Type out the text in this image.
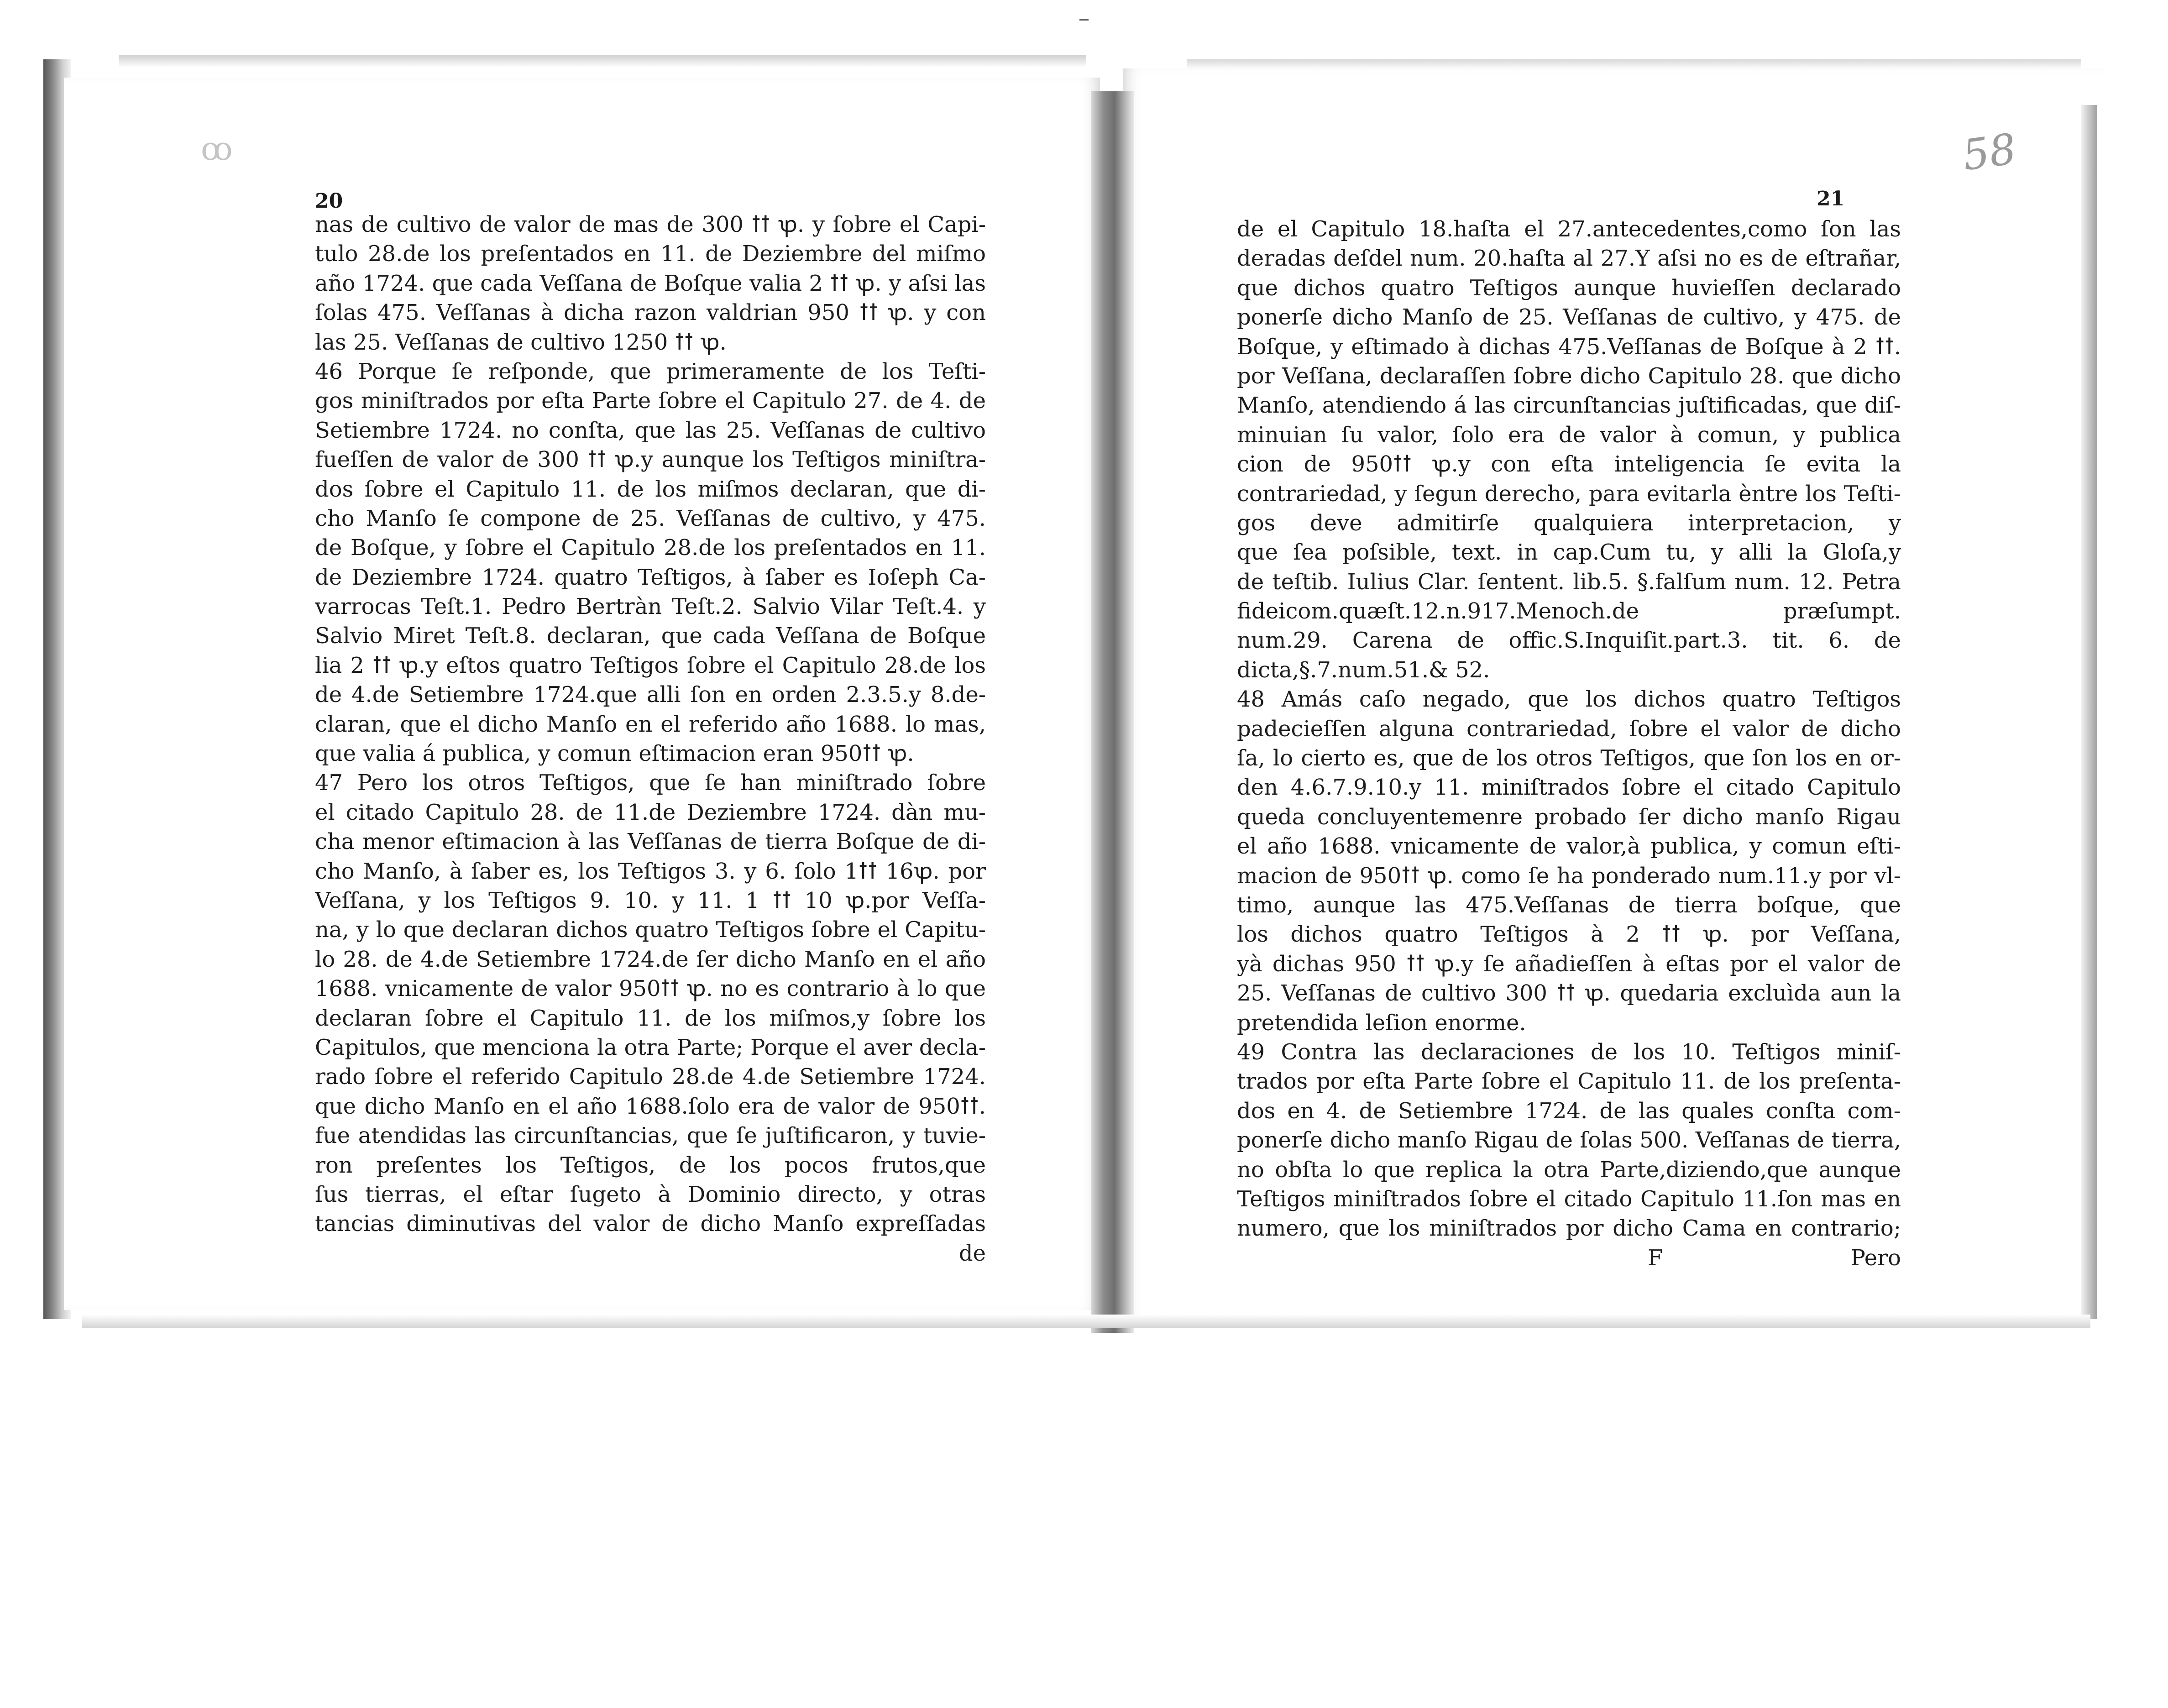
ꝏ	58
20	21
nas de cultivo de valor de mas de 300 ꝉꝉ ꝕ. y ſobre el Capi-
tulo 28.de los preſentados en 11. de Deziembre del miſmo
año 1724. que cada Veſſana de Boſque valia 2 ꝉꝉ ꝕ. y aſsi las
ſolas 475. Veſſanas à dicha razon valdrian 950 ꝉꝉ ꝕ. y con
las 25. Veſſanas de cultivo 1250 ꝉꝉ ꝕ.
46 Porque ſe reſponde, que primeramente de los Teſti-
gos miniſtrados por eſta Parte ſobre el Capitulo 27. de 4. de
Setiembre 1724. no conſta, que las 25. Veſſanas de cultivo
fueſſen de valor de 300 ꝉꝉ ꝕ.y aunque los Teſtigos miniſtra-
dos ſobre el Capitulo 11. de los miſmos declaran, que di-
cho Manſo ſe compone de 25. Veſſanas de cultivo, y 475.
de Boſque, y ſobre el Capitulo 28.de los preſentados en 11.
de Deziembre 1724. quatro Teſtigos, à ſaber es Ioſeph Ca-
varrocas Teſt.1. Pedro Bertràn Teſt.2. Salvio Vilar Teſt.4. y
Salvio Miret Teſt.8. declaran, que cada Veſſana de Boſque
lia 2 ꝉꝉ ꝕ.y eſtos quatro Teſtigos ſobre el Capitulo 28.de los
de 4.de Setiembre 1724.que alli ſon en orden 2.3.5.y 8.de-
claran, que el dicho Manſo en el referido año 1688. lo mas,
que valia á publica, y comun eſtimacion eran 950ꝉꝉ ꝕ.
47 Pero los otros Teſtigos, que ſe han miniſtrado ſobre
el citado Capitulo 28. de 11.de Deziembre 1724. dàn mu-
cha menor eſtimacion à las Veſſanas de tierra Boſque de di-
cho Manſo, à ſaber es, los Teſtigos 3. y 6. ſolo 1ꝉꝉ 16ꝕ. por
Veſſana, y los Teſtigos 9. 10. y 11. 1 ꝉꝉ 10 ꝕ.por Veſſa-
na, y lo que declaran dichos quatro Teſtigos ſobre el Capitu-
lo 28. de 4.de Setiembre 1724.de ſer dicho Manſo en el año
1688. vnicamente de valor 950ꝉꝉ ꝕ. no es contrario à lo que
declaran ſobre el Capitulo 11. de los miſmos,y ſobre los
Capitulos, que menciona la otra Parte; Porque el aver decla-
rado ſobre el referido Capitulo 28.de 4.de Setiembre 1724.
que dicho Manſo en el año 1688.ſolo era de valor de 950ꝉꝉ.
fue atendidas las circunſtancias, que ſe juſtificaron, y tuvie-
ron preſentes los Teſtigos, de los pocos frutos,que
ſus tierras, el eſtar ſugeto à Dominio directo, y otras
tancias diminutivas del valor de dicho Manſo expreſſadas
de
de el Capitulo 18.haſta el 27.antecedentes,como ſon las
deradas deſdel num. 20.haſta al 27.Y aſsi no es de eſtrañar,
que dichos quatro Teſtigos aunque huvieſſen declarado
ponerſe dicho Manſo de 25. Veſſanas de cultivo, y 475. de
Boſque, y eſtimado à dichas 475.Veſſanas de Boſque à 2 ꝉꝉ.
por Veſſana, declaraſſen ſobre dicho Capitulo 28. que dicho
Manſo, atendiendo á las circunſtancias juſtificadas, que diſ-
minuian ſu valor, ſolo era de valor à comun, y publica
cion de 950ꝉꝉ ꝕ.y con eſta inteligencia ſe evita la
contrariedad, y ſegun derecho, para evitarla èntre los Teſti-
gos deve admitirſe qualquiera interpretacion, y
que ſea poſsible, text. in cap.Cum tu, y alli la Gloſa,y
de teſtib. Iulius Clar. ſentent. lib.5. §.falſum num. 12. Petra
fideicom.quæſt.12.n.917.Menoch.de præſumpt.
num.29. Carena de offic.S.Inquiſit.part.3. tit. 6. de
dicta,§.7.num.51.& 52.
48 Amás caſo negado, que los dichos quatro Teſtigos
padecieſſen alguna contrariedad, ſobre el valor de dicho
ſa, lo cierto es, que de los otros Teſtigos, que ſon los en or-
den 4.6.7.9.10.y 11. miniſtrados ſobre el citado Capitulo
queda concluyentemenre probado ſer dicho manſo Rigau
el año 1688. vnicamente de valor,à publica, y comun eſti-
macion de 950ꝉꝉ ꝕ. como ſe ha ponderado num.11.y por vl-
timo, aunque las 475.Veſſanas de tierra boſque, que
los dichos quatro Teſtigos à 2 ꝉꝉ ꝕ. por Veſſana,
yà dichas 950 ꝉꝉ ꝕ.y ſe añadieſſen à eſtas por el valor de
25. Veſſanas de cultivo 300 ꝉꝉ ꝕ. quedaria excluìda aun la
pretendida leſion enorme.
49 Contra las declaraciones de los 10. Teſtigos miniſ-
trados por eſta Parte ſobre el Capitulo 11. de los preſenta-
dos en 4. de Setiembre 1724. de las quales conſta com-
ponerſe dicho manſo Rigau de ſolas 500. Veſſanas de tierra,
no obſta lo que replica la otra Parte,diziendo,que aunque
Teſtigos miniſtrados ſobre el citado Capitulo 11.ſon mas en
numero, que los miniſtrados por dicho Cama en contrario;
F	Pero
